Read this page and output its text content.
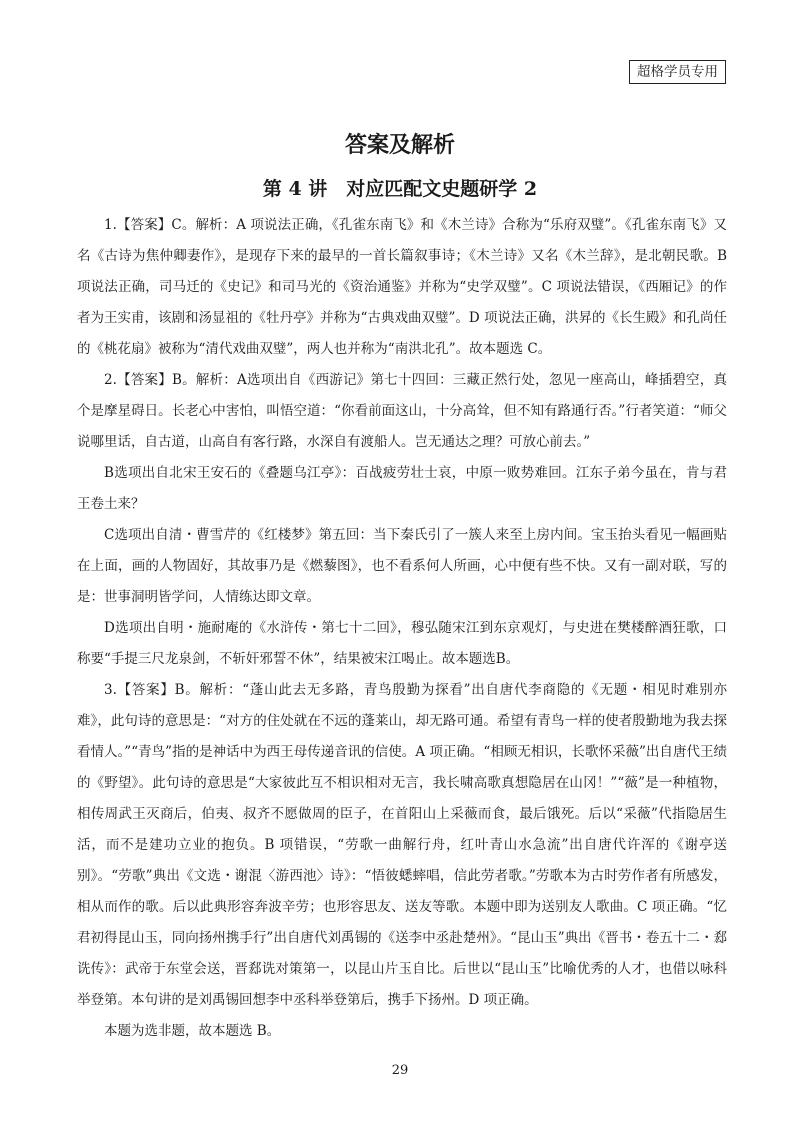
超格学员专用
答案及解析
第 4 讲　对应匹配文史题研学 2

1.【答案】C。解析：A 项说法正确，《孔雀东南飞》和《木兰诗》合称为“乐府双璧”。《孔雀东南飞》又名《古诗为焦仲卿妻作》，是现存下来的最早的一首长篇叙事诗；《木兰诗》又名《木兰辞》，是北朝民歌。B 项说法正确，司马迁的《史记》和司马光的《资治通鉴》并称为“史学双璧”。C 项说法错误，《西厢记》的作者为王实甫，该剧和汤显祖的《牡丹亭》并称为“古典戏曲双璧”。D 项说法正确，洪昇的《长生殿》和孔尚任的《桃花扇》被称为“清代戏曲双璧”，两人也并称为“南洪北孔”。故本题选 C。

2.【答案】B。解析：A选项出自《西游记》第七十四回：三藏正然行处，忽见一座高山，峰插碧空，真个是摩星碍日。长老心中害怕，叫悟空道：“你看前面这山，十分高耸，但不知有路通行否。”行者笑道：“师父说哪里话，自古道，山高自有客行路，水深自有渡船人。岂无通达之理？可放心前去。”

B选项出自北宋王安石的《叠题乌江亭》：百战疲劳壮士哀，中原一败势难回。江东子弟今虽在，肯与君王卷土来？

C选项出自清・曹雪芹的《红楼梦》第五回：当下秦氏引了一簇人来至上房内间。宝玉抬头看见一幅画贴在上面，画的人物固好，其故事乃是《燃藜图》，也不看系何人所画，心中便有些不快。又有一副对联，写的是：世事洞明皆学问，人情练达即文章。

D选项出自明・施耐庵的《水浒传・第七十二回》，穆弘随宋江到东京观灯，与史进在樊楼醉酒狂歌，口称要“手提三尺龙泉剑，不斩奸邪誓不休”，结果被宋江喝止。故本题选B。

3.【答案】B。解析：“蓬山此去无多路，青鸟殷勤为探看”出自唐代李商隐的《无题・相见时难别亦难》，此句诗的意思是：“对方的住处就在不远的蓬莱山，却无路可通。希望有青鸟一样的使者殷勤地为我去探看情人。”“青鸟”指的是神话中为西王母传递音讯的信使。A 项正确。“相顾无相识，长歌怀采薇”出自唐代王绩的《野望》。此句诗的意思是“大家彼此互不相识相对无言，我长啸高歌真想隐居在山冈！”“薇”是一种植物，相传周武王灭商后，伯夷、叔齐不愿做周的臣子，在首阳山上采薇而食，最后饿死。后以“采薇”代指隐居生活，而不是建功立业的抱负。B 项错误，“劳歌一曲解行舟，红叶青山水急流”出自唐代许浑的《谢亭送别》。“劳歌”典出《文选・谢混〈游西池〉诗》：“悟彼蟋蟀唱，信此劳者歌。”劳歌本为古时劳作者有所感发，相从而作的歌。后以此典形容奔波辛劳；也形容思友、送友等歌。本题中即为送别友人歌曲。C 项正确。“忆君初得昆山玉，同向扬州携手行”出自唐代刘禹锡的《送李中丞赴楚州》。“昆山玉”典出《晋书・卷五十二・郄诜传》：武帝于东堂会送，晋郄诜对策第一，以昆山片玉自比。后世以“昆山玉”比喻优秀的人才，也借以咏科举登第。本句讲的是刘禹锡回想李中丞科举登第后，携手下扬州。D 项正确。

本题为选非题，故本题选 B。

29
